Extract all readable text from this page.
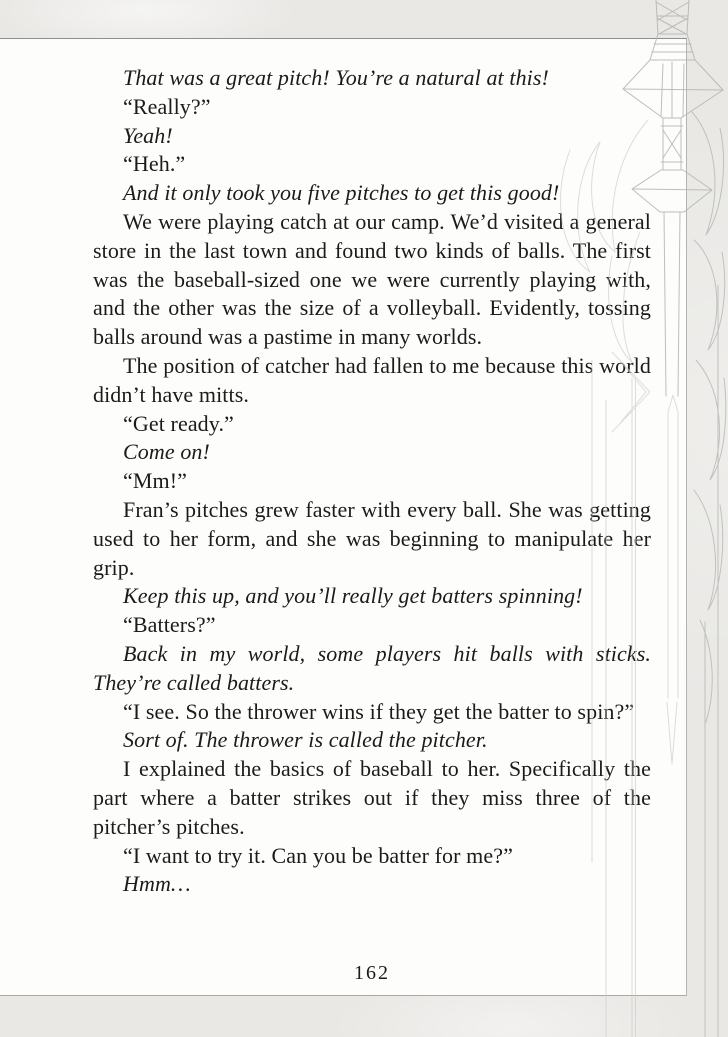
That was a great pitch! You’re a natural at this!

“Really?”

Yeah!

“Heh.”

And it only took you five pitches to get this good!

We were playing catch at our camp. We’d visited a general store in the last town and found two kinds of balls. The first was the baseball-sized one we were currently playing with, and the other was the size of a volleyball. Evidently, tossing balls around was a pastime in many worlds.

The position of catcher had fallen to me because this world didn’t have mitts.

“Get ready.”

Come on!

“Mm!”

Fran’s pitches grew faster with every ball. She was getting used to her form, and she was beginning to manipulate her grip.

Keep this up, and you’ll really get batters spinning!

“Batters?”

Back in my world, some players hit balls with sticks. They’re called batters.

“I see. So the thrower wins if they get the batter to spin?”

Sort of. The thrower is called the pitcher.

I explained the basics of baseball to her. Specifically the part where a batter strikes out if they miss three of the pitcher’s pitches.

“I want to try it. Can you be batter for me?”

Hmm…

162
